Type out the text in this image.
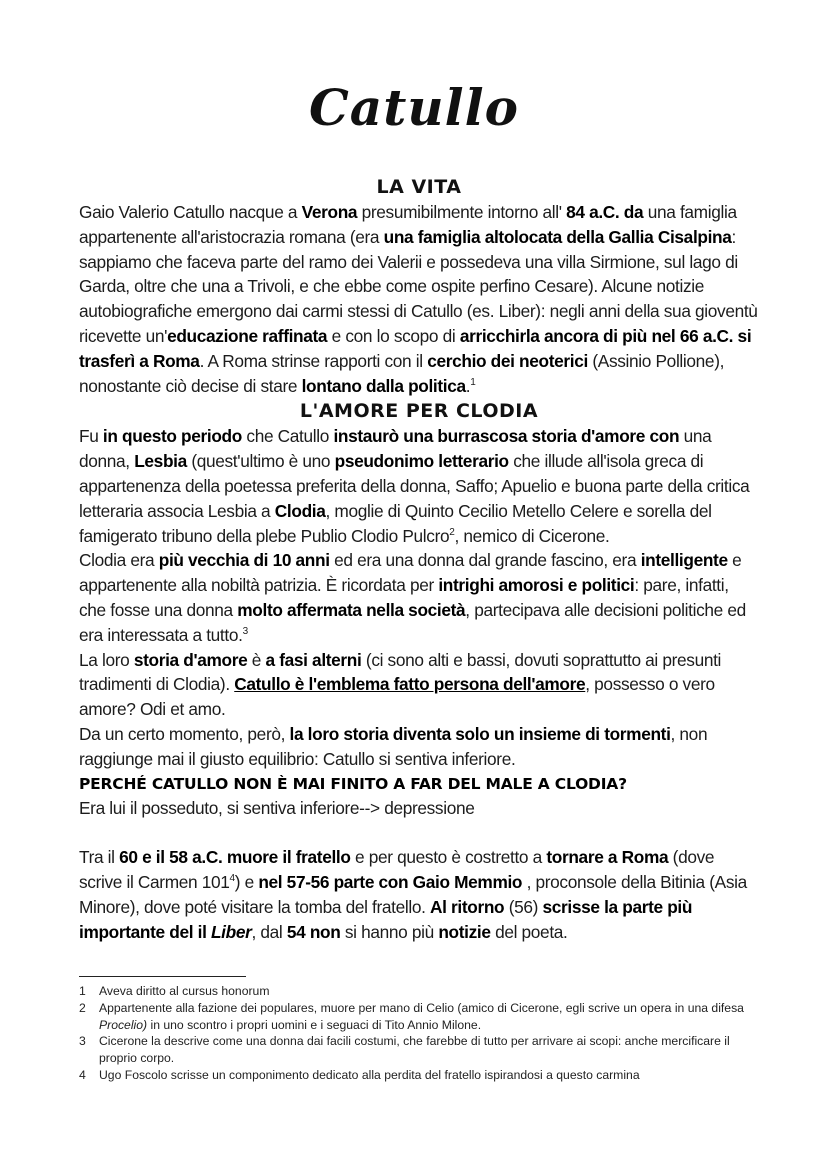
Catullo
LA VITA

Gaio Valerio Catullo nacque a Verona presumibilmente intorno all' 84 a.C. da una famiglia appartenente all'aristocrazia romana (era una famiglia altolocata della Gallia Cisalpina: sappiamo che faceva parte del ramo dei Valerii e possedeva una villa Sirmione, sul lago di Garda, oltre che una a Trivoli, e che ebbe come ospite perfino Cesare). Alcune notizie autobiografiche emergono dai carmi stessi di Catullo (es. Liber): negli anni della sua gioventù ricevette un'educazione raffinata e con lo scopo di arricchirla ancora di più nel 66 a.C. si trasferì a Roma. A Roma strinse rapporti con il cerchio dei neoterici (Assinio Pollione), nonostante ciò decise di stare lontano dalla politica.$^1$

L'AMORE PER CLODIA

Fu in questo periodo che Catullo instaurò una burrascosa storia d'amore con una donna, Lesbia (quest'ultimo è uno pseudonimo letterario che illude all'isola greca di appartenenza della poetessa preferita della donna, Saffo; Apuelio e buona parte della critica letteraria associa Lesbia a Clodia, moglie di Quinto Cecilio Metello Celere e sorella del famigerato tribuno della plebe Publio Clodio Pulcro$^2$, nemico di Cicerone.

Clodia era più vecchia di 10 anni ed era una donna dal grande fascino, era intelligente e appartenente alla nobiltà patrizia. È ricordata per intrighi amorosi e politici: pare, infatti, che fosse una donna molto affermata nella società, partecipava alle decisioni politiche ed era interessata a tutto.$^3$

La loro storia d'amore è a fasi alterni (ci sono alti e bassi, dovuti soprattutto ai presunti tradimenti di Clodia). Catullo è l'emblema fatto persona dell'amore, possesso o vero amore? Odi et amo.

Da un certo momento, però, la loro storia diventa solo un insieme di tormenti, non raggiunge mai il giusto equilibrio: Catullo si sentiva inferiore.

PERCHÉ CATULLO NON È MAI FINITO A FAR DEL MALE A CLODIA?

Era lui il posseduto, si sentiva inferiore--> depressione

Tra il 60 e il 58 a.C. muore il fratello e per questo è costretto a tornare a Roma (dove scrive il Carmen $101^4$) e nel 57-56 parte con Gaio Memmio , proconsole della Bitinia (Asia Minore), dove poté visitare la tomba del fratello. Al ritorno (56) scrisse la parte più importante del il Liber, dal 54 non si hanno più notizie del poeta.

1	Aveva diritto al cursus honorum
2	Appartenente alla fazione dei populares, muore per mano di Celio (amico di Cicerone, egli scrive un opera in una difesa Procelio) in uno scontro i propri uomini e i seguaci di Tito Annio Milone.
3	Cicerone la descrive come una donna dai facili costumi, che farebbe di tutto per arrivare ai scopi: anche mercificare il proprio corpo.
4	Ugo Foscolo scrisse un componimento dedicato alla perdita del fratello ispirandosi a questo carmina
